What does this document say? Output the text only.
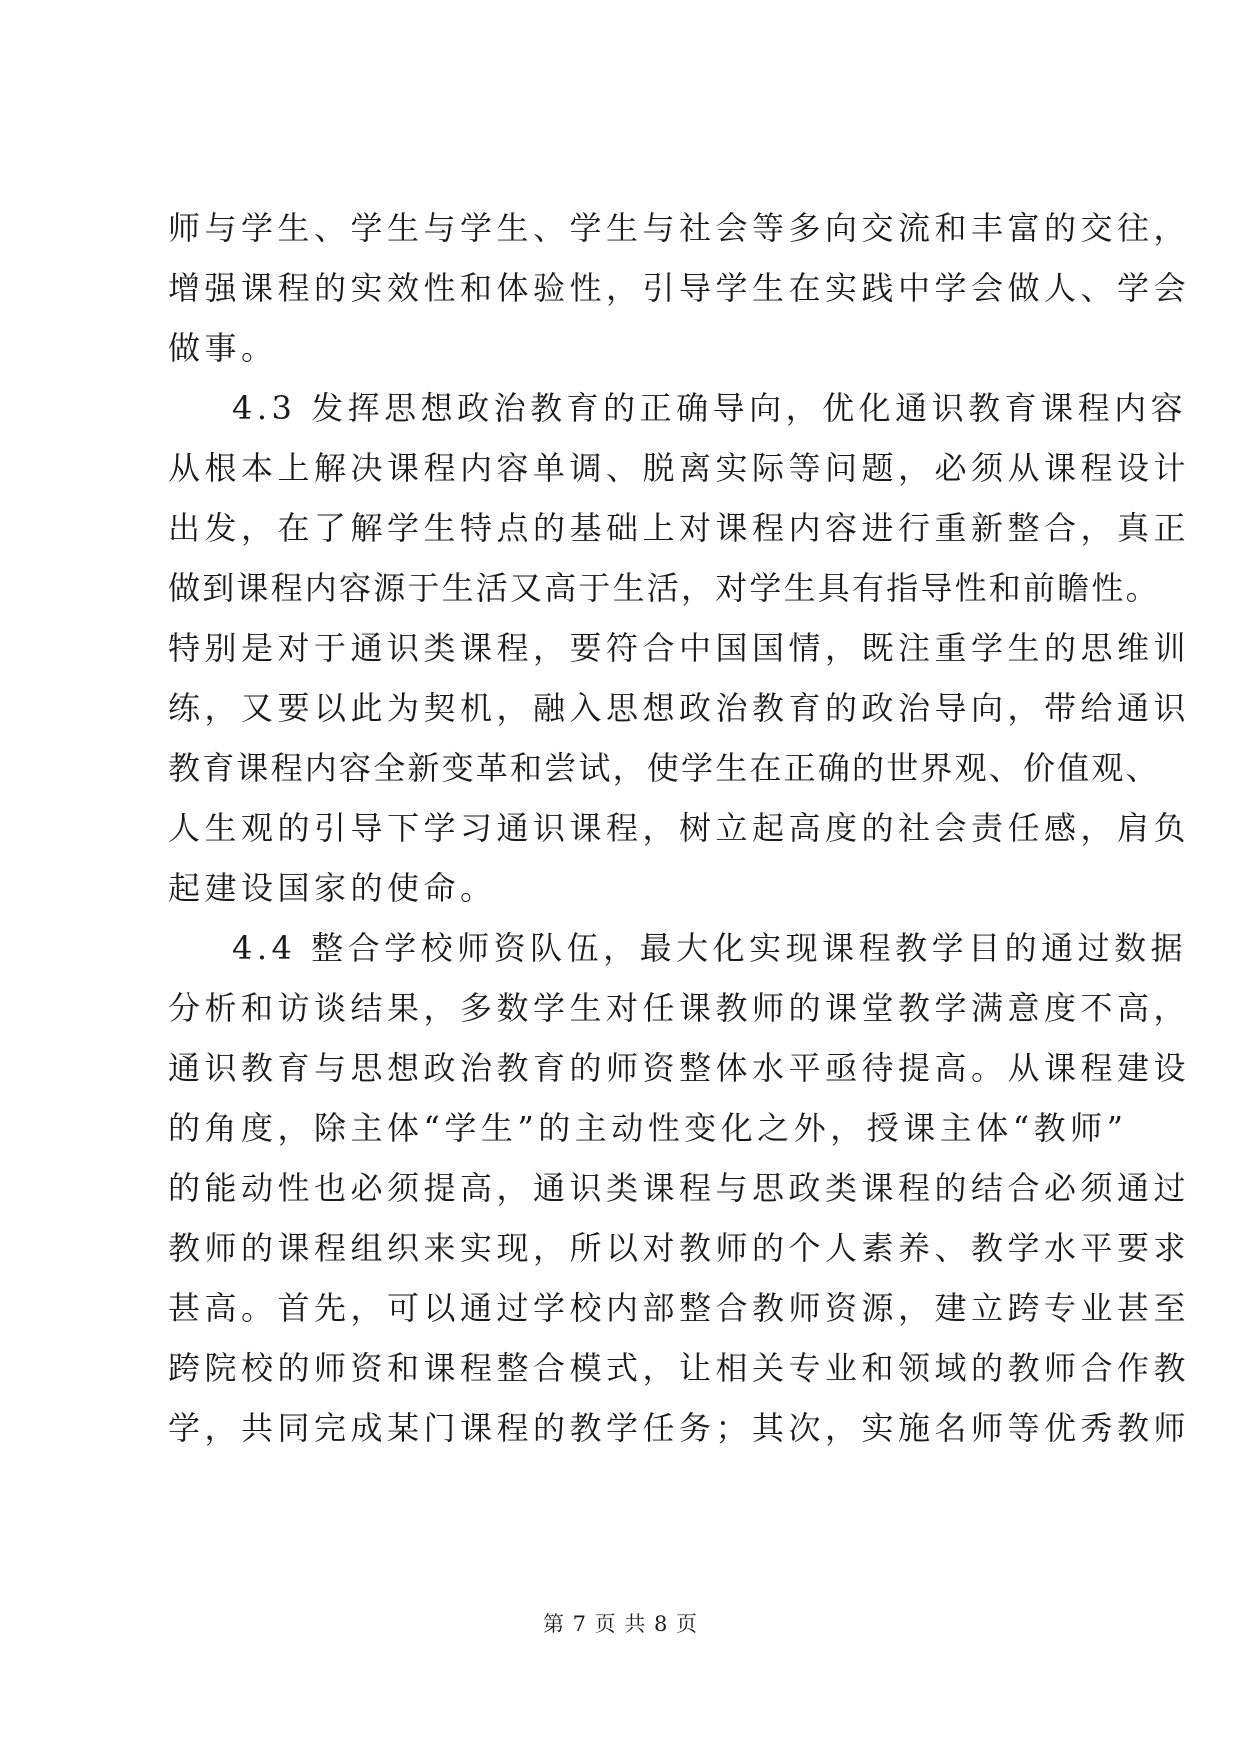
师与学生、学生与学生、学生与社会等多向交流和丰富的交往，
增强课程的实效性和体验性，引导学生在实践中学会做人、学会
做事。
4.3 发挥思想政治教育的正确导向，优化通识教育课程内容
从根本上解决课程内容单调、脱离实际等问题，必须从课程设计
出发，在了解学生特点的基础上对课程内容进行重新整合，真正
做到课程内容源于生活又高于生活，对学生具有指导性和前瞻性。
特别是对于通识类课程，要符合中国国情，既注重学生的思维训
练，又要以此为契机，融入思想政治教育的政治导向，带给通识
教育课程内容全新变革和尝试，使学生在正确的世界观、价值观、
人生观的引导下学习通识课程，树立起高度的社会责任感，肩负
起建设国家的使命。
4.4 整合学校师资队伍，最大化实现课程教学目的通过数据
分析和访谈结果，多数学生对任课教师的课堂教学满意度不高，
通识教育与思想政治教育的师资整体水平亟待提高。从课程建设
的角度，除主体“学生”的主动性变化之外，授课主体“教师”
的能动性也必须提高，通识类课程与思政类课程的结合必须通过
教师的课程组织来实现，所以对教师的个人素养、教学水平要求
甚高。首先，可以通过学校内部整合教师资源，建立跨专业甚至
跨院校的师资和课程整合模式，让相关专业和领域的教师合作教
学，共同完成某门课程的教学任务；其次，实施名师等优秀教师
第 7 页 共 8 页
